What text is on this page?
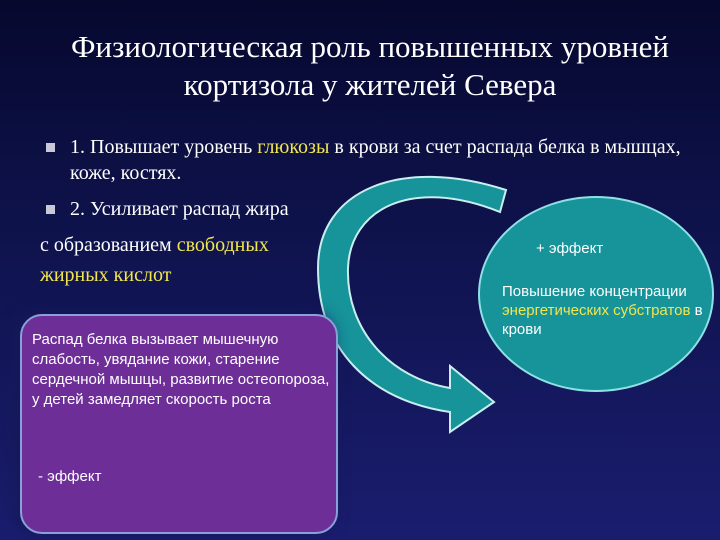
Физиологическая роль повышенных уровней кортизола у жителей Севера
1. Повышает уровень глюкозы в крови за счет распада белка в мышцах, коже, костях.
2. Усиливает распад жира
с образованием свободных
жирных кислот
Распад белка вызывает мышечную слабость, увядание кожи, старение сердечной мышцы, развитие остеопороза, у детей замедляет скорость роста
- эффект
+ эффект
Повышение концентрации
энергетических субстратов в крови
